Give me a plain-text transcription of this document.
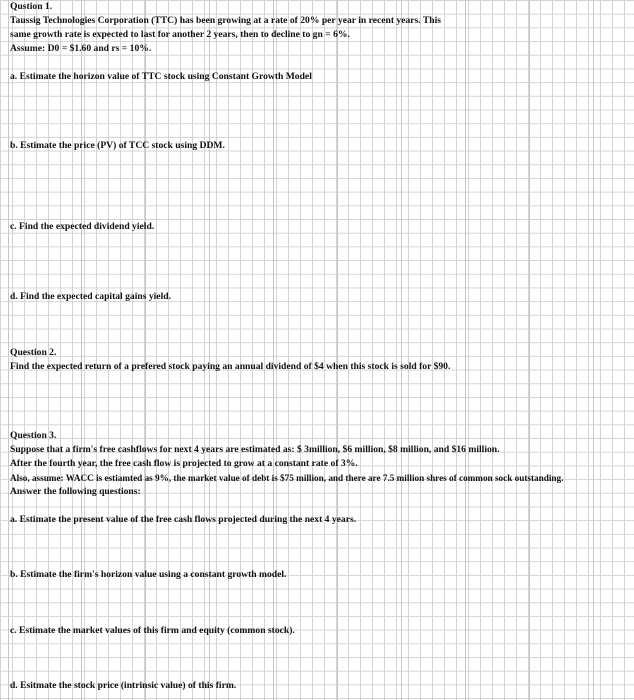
Qustion 1.
Taussig Technologies Corporation (TTC) has been growing at a rate of 20% per year in recent years. This
same growth rate is expected to last for another 2 years, then to decline to gn = 6%.
Assume: D0 = $1.60 and rs = 10%.
a. Estimate the horizon value of TTC stock using Constant Growth Model
b. Estimate the price (PV) of TCC stock using DDM.
c. Find the expected dividend yield.
d. Find the expected capital gains yield.
Question 2.
Find the expected return of a prefered stock paying an annual dividend of $4 when this stock is sold for $90.
Question 3.
Suppose that a firm's free cashflows for next 4 years are estimated as: $ 3million, $6 million, $8 million, and $16 million.
After the fourth year, the free cash flow is projected to grow at a constant rate of 3%.
Also, assume: WACC is estiamted as 9%, the market value of debt is $75 million, and there are 7.5 million shres of common sock outstanding.
Answer the following questions:
a. Estimate the present value of the free cash flows projected during the next 4 years.
b. Estimate the firm's horizon value using a constant growth model.
c. Estimate the market values of this firm and equity (common stock).
d. Esitmate the stock price (intrinsic value) of this firm.
